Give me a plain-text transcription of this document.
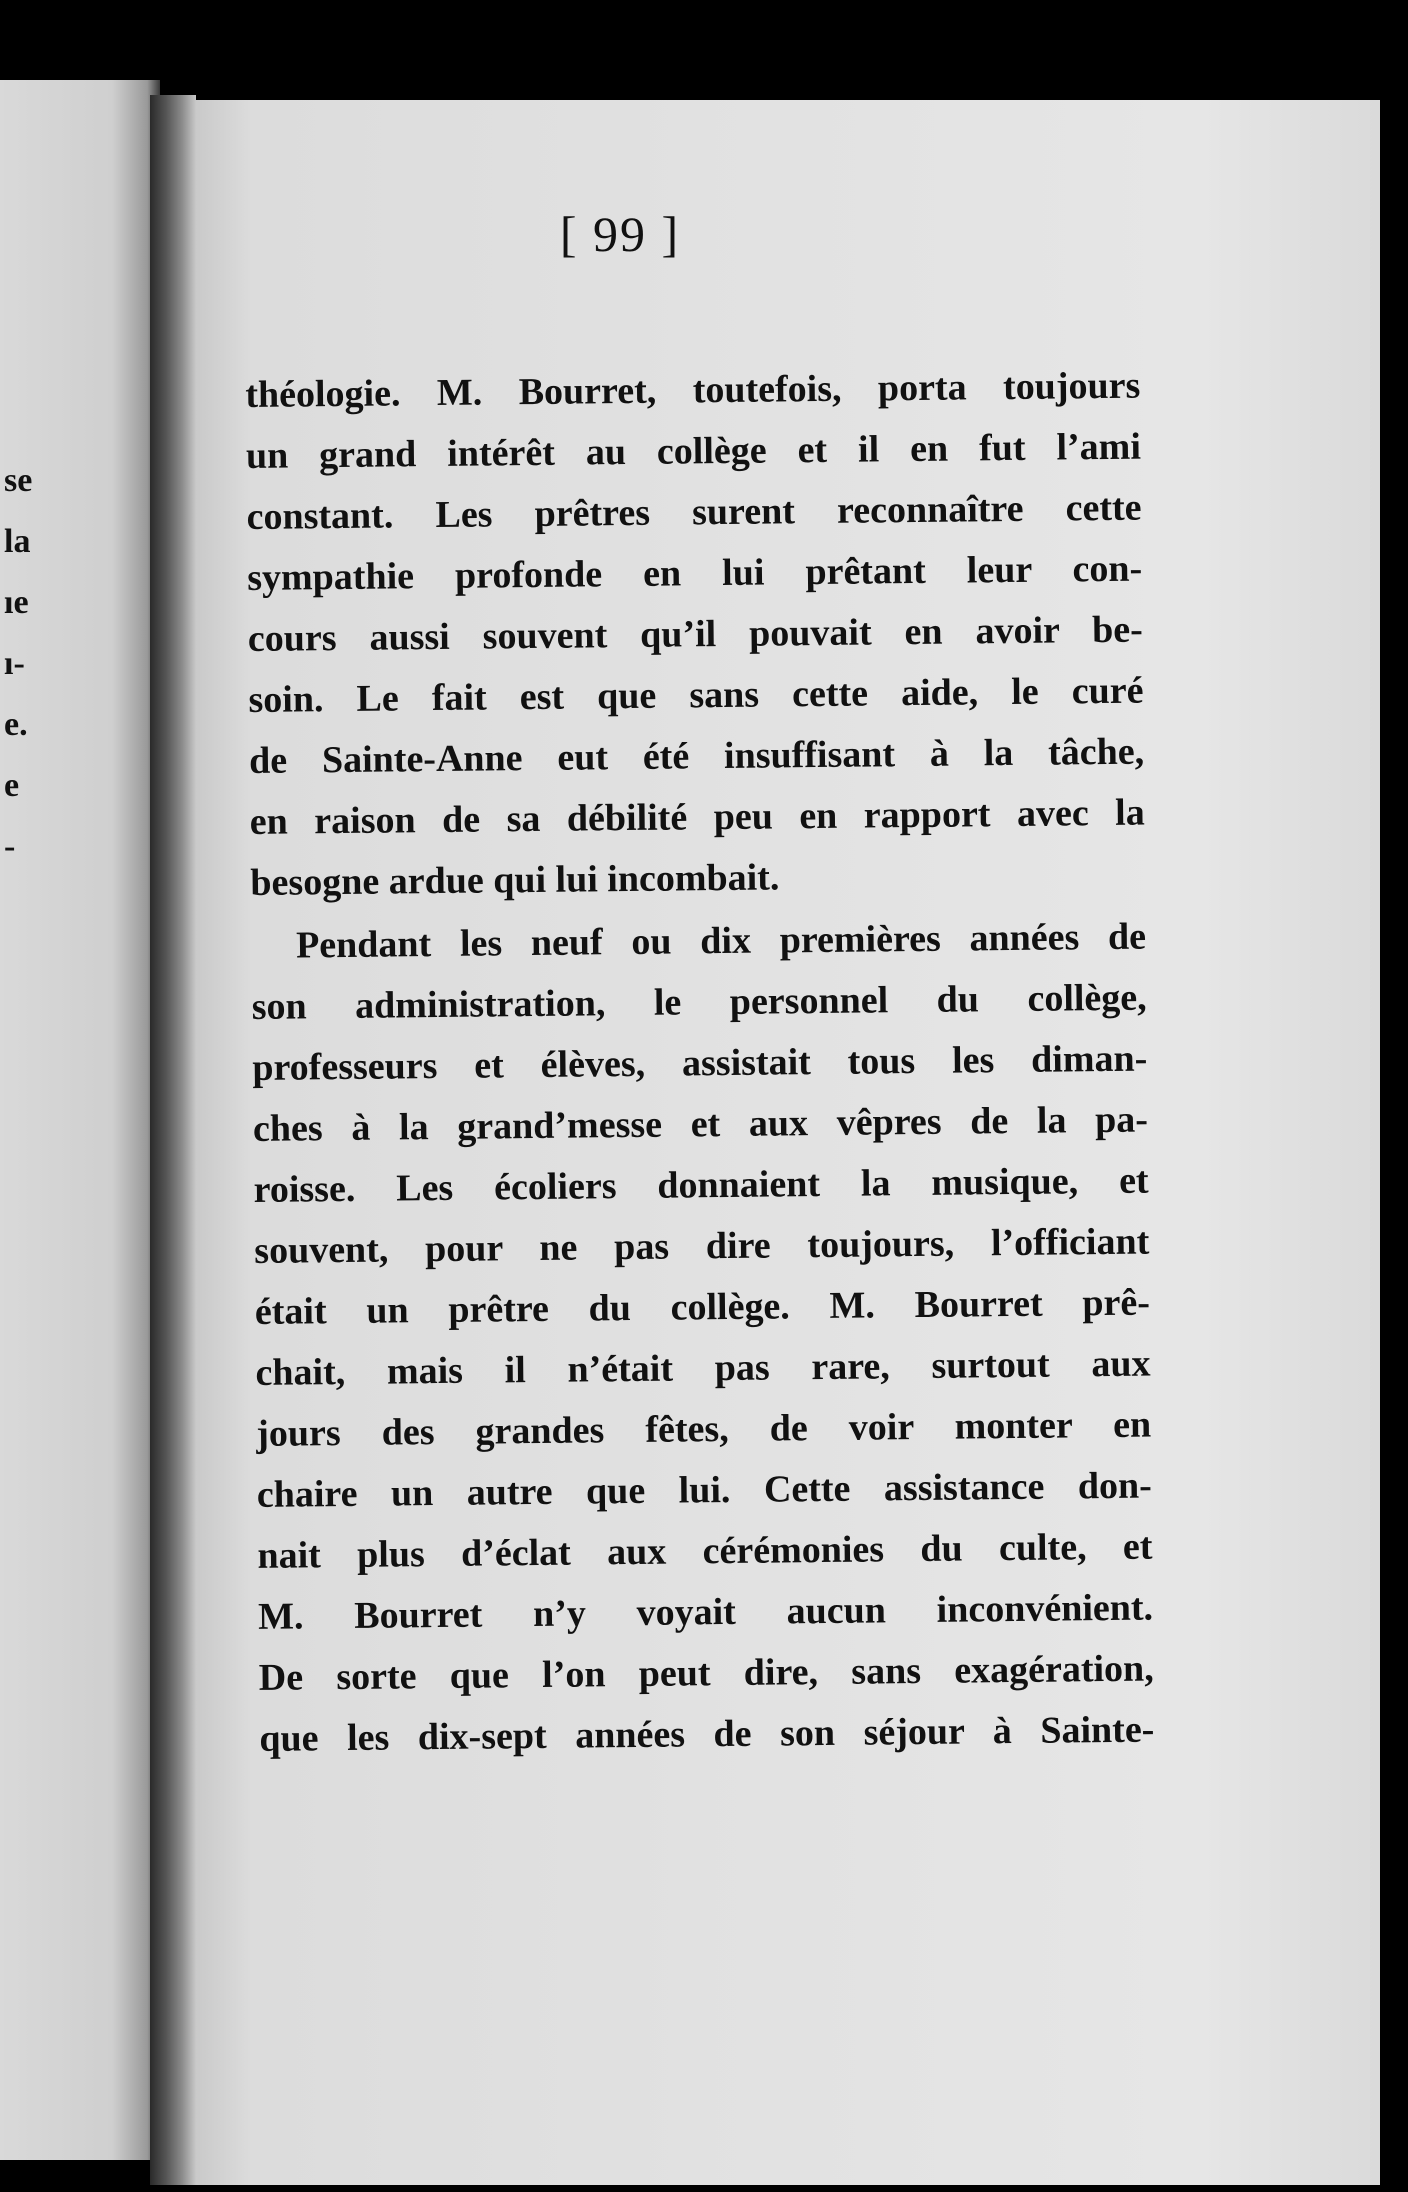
se
la
ıe
ı-
e.
e
-
[ 99 ]
théologie. M. Bourret, toutefois, porta toujours
un grand intérêt au collège et il en fut l’ami
constant. Les prêtres surent reconnaître cette
sympathie profonde en lui prêtant leur con-
cours aussi souvent qu’il pouvait en avoir be-
soin. Le fait est que sans cette aide, le curé
de Sainte-Anne eut été insuffisant à la tâche,
en raison de sa débilité peu en rapport avec la
besogne ardue qui lui incombait.
Pendant les neuf ou dix premières années de
son administration, le personnel du collège,
professeurs et élèves, assistait tous les diman-
ches à la grand’messe et aux vêpres de la pa-
roisse. Les écoliers donnaient la musique, et
souvent, pour ne pas dire toujours, l’officiant
était un prêtre du collège. M. Bourret prê-
chait, mais il n’était pas rare, surtout aux
jours des grandes fêtes, de voir monter en
chaire un autre que lui. Cette assistance don-
nait plus d’éclat aux cérémonies du culte, et
M. Bourret n’y voyait aucun inconvénient.
De sorte que l’on peut dire, sans exagération,
que les dix-sept années de son séjour à Sainte-
